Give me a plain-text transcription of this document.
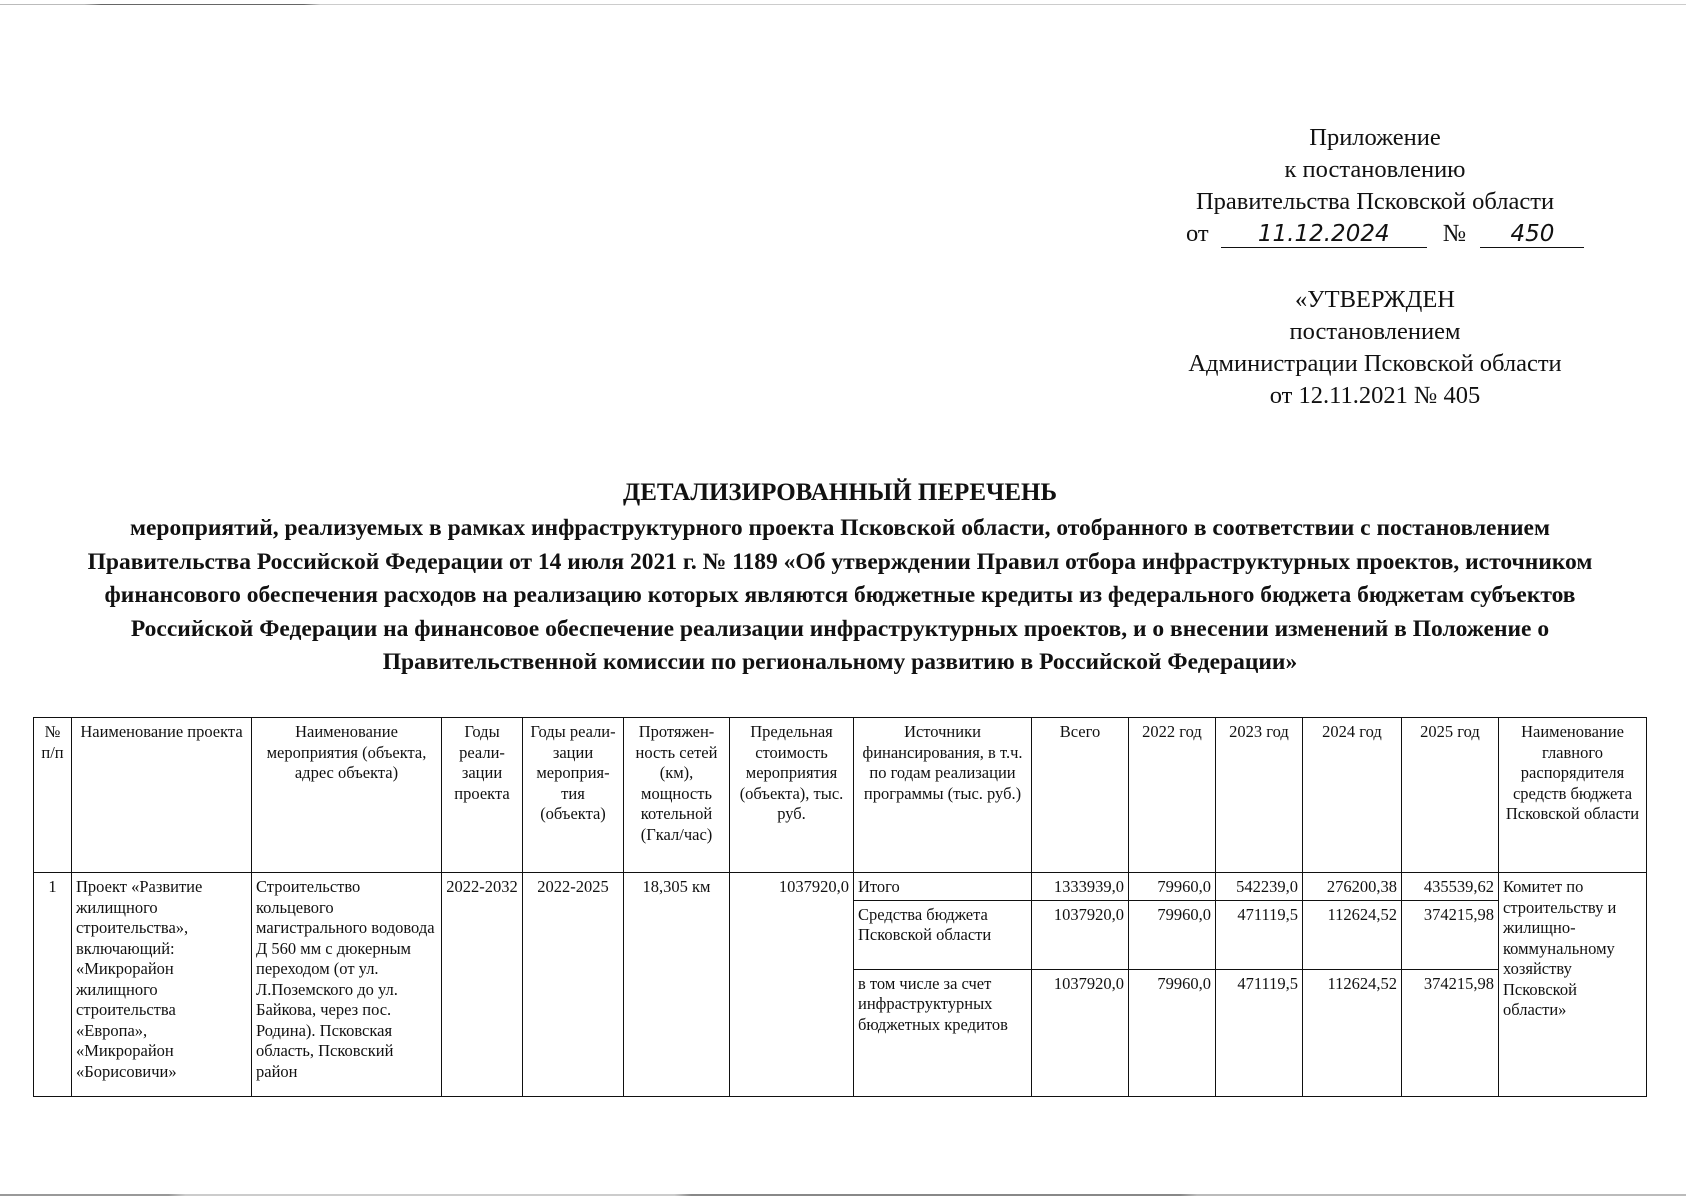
Приложение
к постановлению
Правительства Псковской области
от 11.12.2024 № 450
«УТВЕРЖДЕН
постановлением
Администрации Псковской области
от 12.11.2021 № 405
ДЕТАЛИЗИРОВАННЫЙ ПЕРЕЧЕНЬ
мероприятий, реализуемых в рамках инфраструктурного проекта Псковской области, отобранного в соответствии с постановлением Правительства Российской Федерации от 14 июля 2021 г. № 1189 «Об утверждении Правил отбора инфраструктурных проектов, источником финансового обеспечения расходов на реализацию которых являются бюджетные кредиты из федерального бюджета бюджетам субъектов Российской Федерации на финансовое обеспечение реализации инфраструктурных проектов, и о внесении изменений в Положение о Правительственной комиссии по региональному развитию в Российской Федерации»
№ п/п	Наименование проекта	Наименование мероприятия (объекта, адрес объекта)	Годы реали-зации проекта	Годы реали-зации мероприя-тия (объекта)	Протяжен-ность сетей (км), мощность котельной (Гкал/час)	Предельная стоимость мероприятия (объекта), тыс. руб.	Источники финансирования, в т.ч. по годам реализации программы (тыс. руб.)	Всего	2022 год	2023 год	2024 год	2025 год	Наименование главного распорядителя средств бюджета Псковской области
1	Проект «Развитие жилищного строительства», включающий: «Микрорайон жилищного строительства «Европа», «Микрорайон «Борисовичи»	Строительство кольцевого магистрального водовода Д 560 мм с дюкерным переходом (от ул. Л.Поземского до ул. Байкова, через пос. Родина). Псковская область, Псковский район	2022-2032	2022-2025	18,305 км	1037920,0	Итого	1333939,0	79960,0	542239,0	276200,38	435539,62	Комитет по строительству и жилищно-коммунальному хозяйству Псковской области»
							Средства бюджета Псковской области	1037920,0	79960,0	471119,5	112624,52	374215,98	
							в том числе за счет инфраструктурных бюджетных кредитов	1037920,0	79960,0	471119,5	112624,52	374215,98	
